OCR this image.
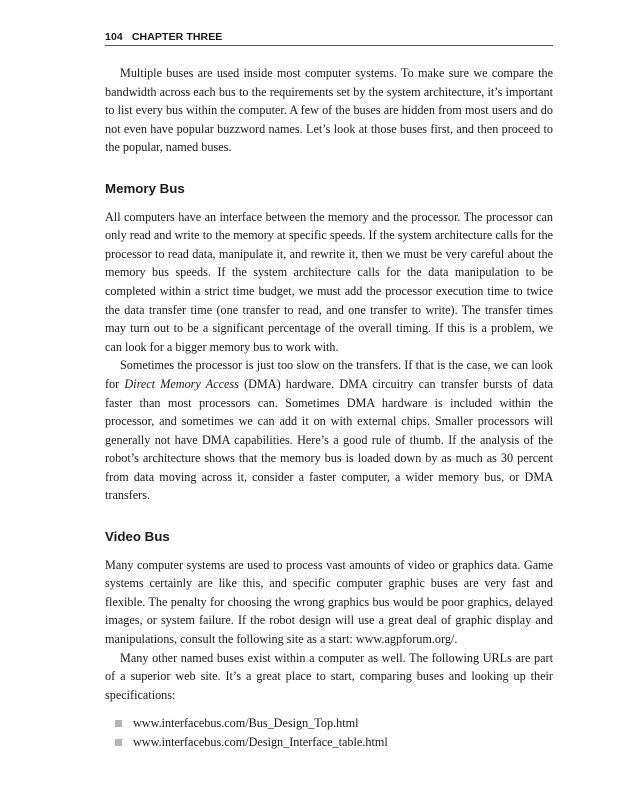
104 CHAPTER THREE

Multiple buses are used inside most computer systems. To make sure we compare the bandwidth across each bus to the requirements set by the system architecture, it’s important to list every bus within the computer. A few of the buses are hidden from most users and do not even have popular buzzword names. Let’s look at those buses first, and then proceed to the popular, named buses.

Memory Bus

All computers have an interface between the memory and the processor. The processor can only read and write to the memory at specific speeds. If the system architecture calls for the processor to read data, manipulate it, and rewrite it, then we must be very careful about the memory bus speeds. If the system architecture calls for the data manipulation to be completed within a strict time budget, we must add the processor execution time to twice the data transfer time (one transfer to read, and one transfer to write). The transfer times may turn out to be a significant percentage of the overall timing. If this is a problem, we can look for a bigger memory bus to work with.

Sometimes the processor is just too slow on the transfers. If that is the case, we can look for Direct Memory Access (DMA) hardware. DMA circuitry can transfer bursts of data faster than most processors can. Sometimes DMA hardware is included within the processor, and sometimes we can add it on with external chips. Smaller processors will generally not have DMA capabilities. Here’s a good rule of thumb. If the analysis of the robot’s architecture shows that the memory bus is loaded down by as much as 30 percent from data moving across it, consider a faster computer, a wider memory bus, or DMA transfers.

Video Bus

Many computer systems are used to process vast amounts of video or graphics data. Game systems certainly are like this, and specific computer graphic buses are very fast and flexible. The penalty for choosing the wrong graphics bus would be poor graphics, delayed images, or system failure. If the robot design will use a great deal of graphic display and manipulations, consult the following site as a start: www.agpforum.org/.

Many other named buses exist within a computer as well. The following URLs are part of a superior web site. It’s a great place to start, comparing buses and looking up their specifications:

www.interfacebus.com/Bus_Design_Top.html
www.interfacebus.com/Design_Interface_table.html
